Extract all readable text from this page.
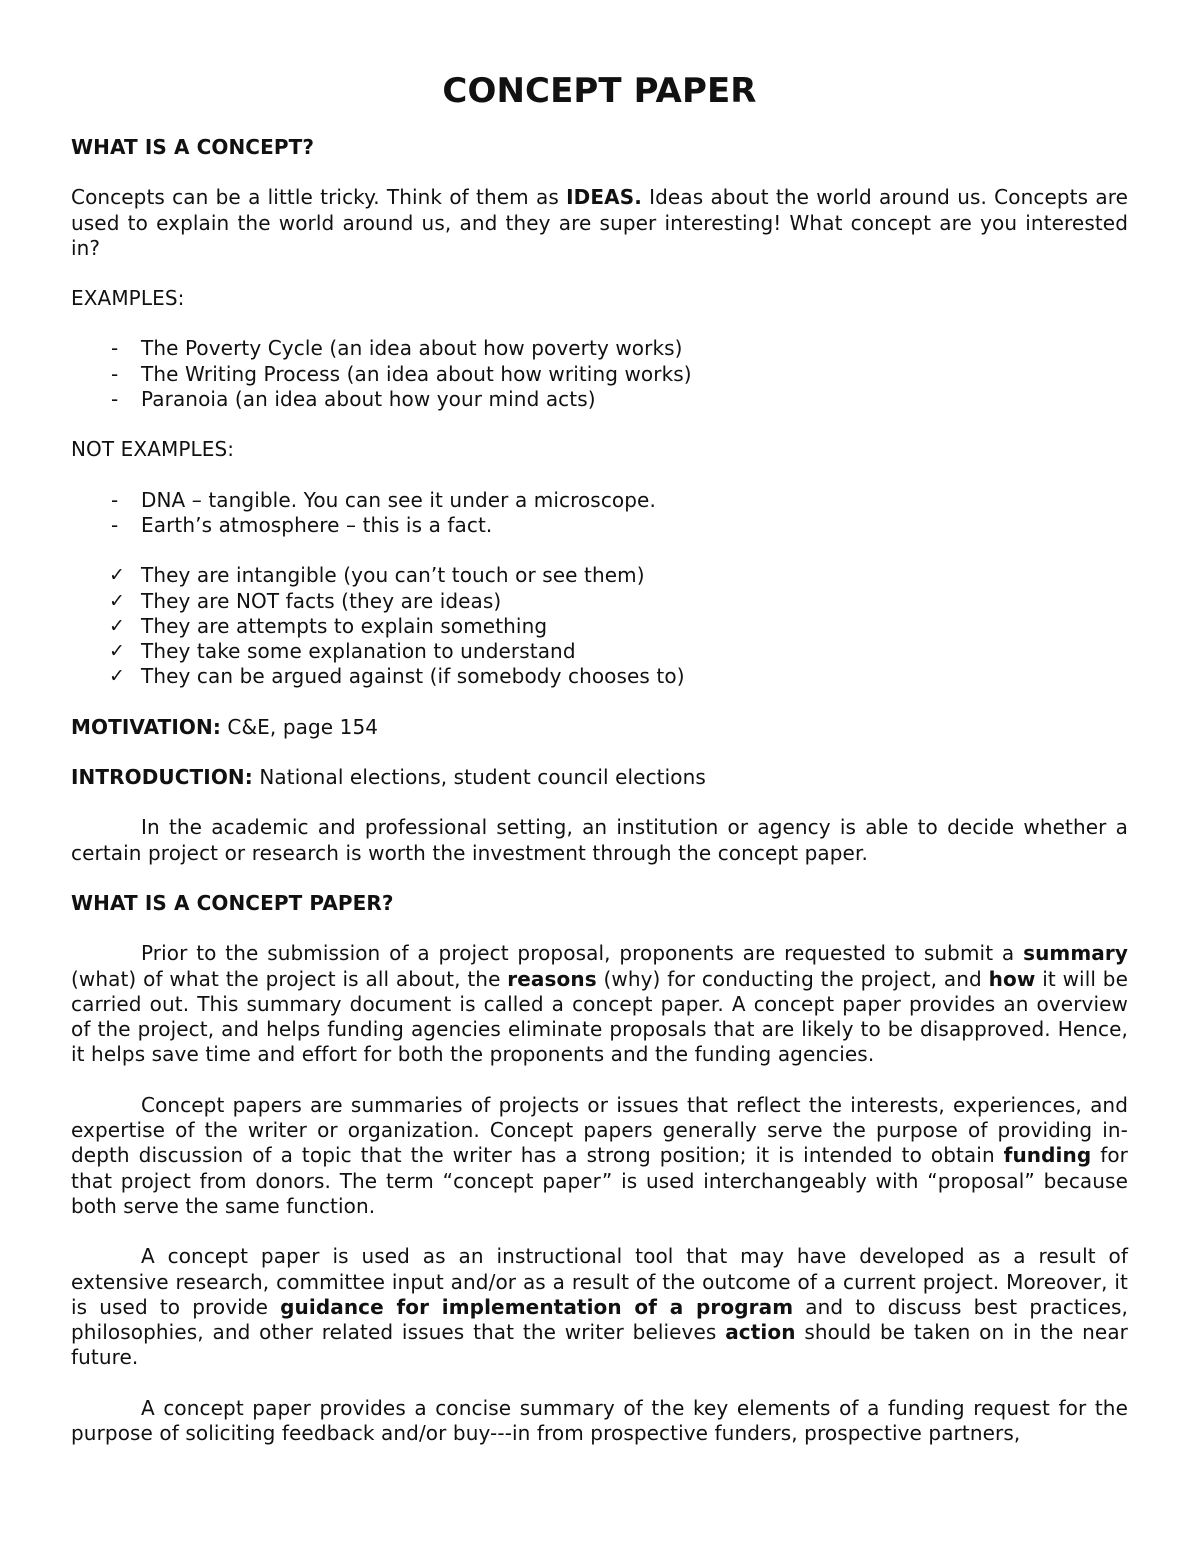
CONCEPT PAPER
WHAT IS A CONCEPT?

Concepts can be a little tricky. Think of them as IDEAS. Ideas about the world around us. Concepts are used to explain the world around us, and they are super interesting! What concept are you interested in?

EXAMPLES:

- The Poverty Cycle (an idea about how poverty works)
- The Writing Process (an idea about how writing works)
- Paranoia (an idea about how your mind acts)

NOT EXAMPLES:

- DNA – tangible. You can see it under a microscope.
- Earth’s atmosphere – this is a fact.
✓ They are intangible (you can’t touch or see them)
✓ They are NOT facts (they are ideas)
✓ They are attempts to explain something
✓ They take some explanation to understand
✓ They can be argued against (if somebody chooses to)

MOTIVATION: C&E, page 154

INTRODUCTION: National elections, student council elections

In the academic and professional setting, an institution or agency is able to decide whether a certain project or research is worth the investment through the concept paper.

WHAT IS A CONCEPT PAPER?

Prior to the submission of a project proposal, proponents are requested to submit a summary (what) of what the project is all about, the reasons (why) for conducting the project, and how it will be carried out. This summary document is called a concept paper. A concept paper provides an overview of the project, and helps funding agencies eliminate proposals that are likely to be disapproved. Hence, it helps save time and effort for both the proponents and the funding agencies.

Concept papers are summaries of projects or issues that reflect the interests, experiences, and expertise of the writer or organization. Concept papers generally serve the purpose of providing in-depth discussion of a topic that the writer has a strong position; it is intended to obtain funding for that project from donors. The term “concept paper” is used interchangeably with “proposal” because both serve the same function.

A concept paper is used as an instructional tool that may have developed as a result of extensive research, committee input and/or as a result of the outcome of a current project. Moreover, it is used to provide guidance for implementation of a program and to discuss best practices, philosophies, and other related issues that the writer believes action should be taken on in the near future.

A concept paper provides a concise summary of the key elements of a funding request for the purpose of soliciting feedback and/or buy---in from prospective funders, prospective partners,
